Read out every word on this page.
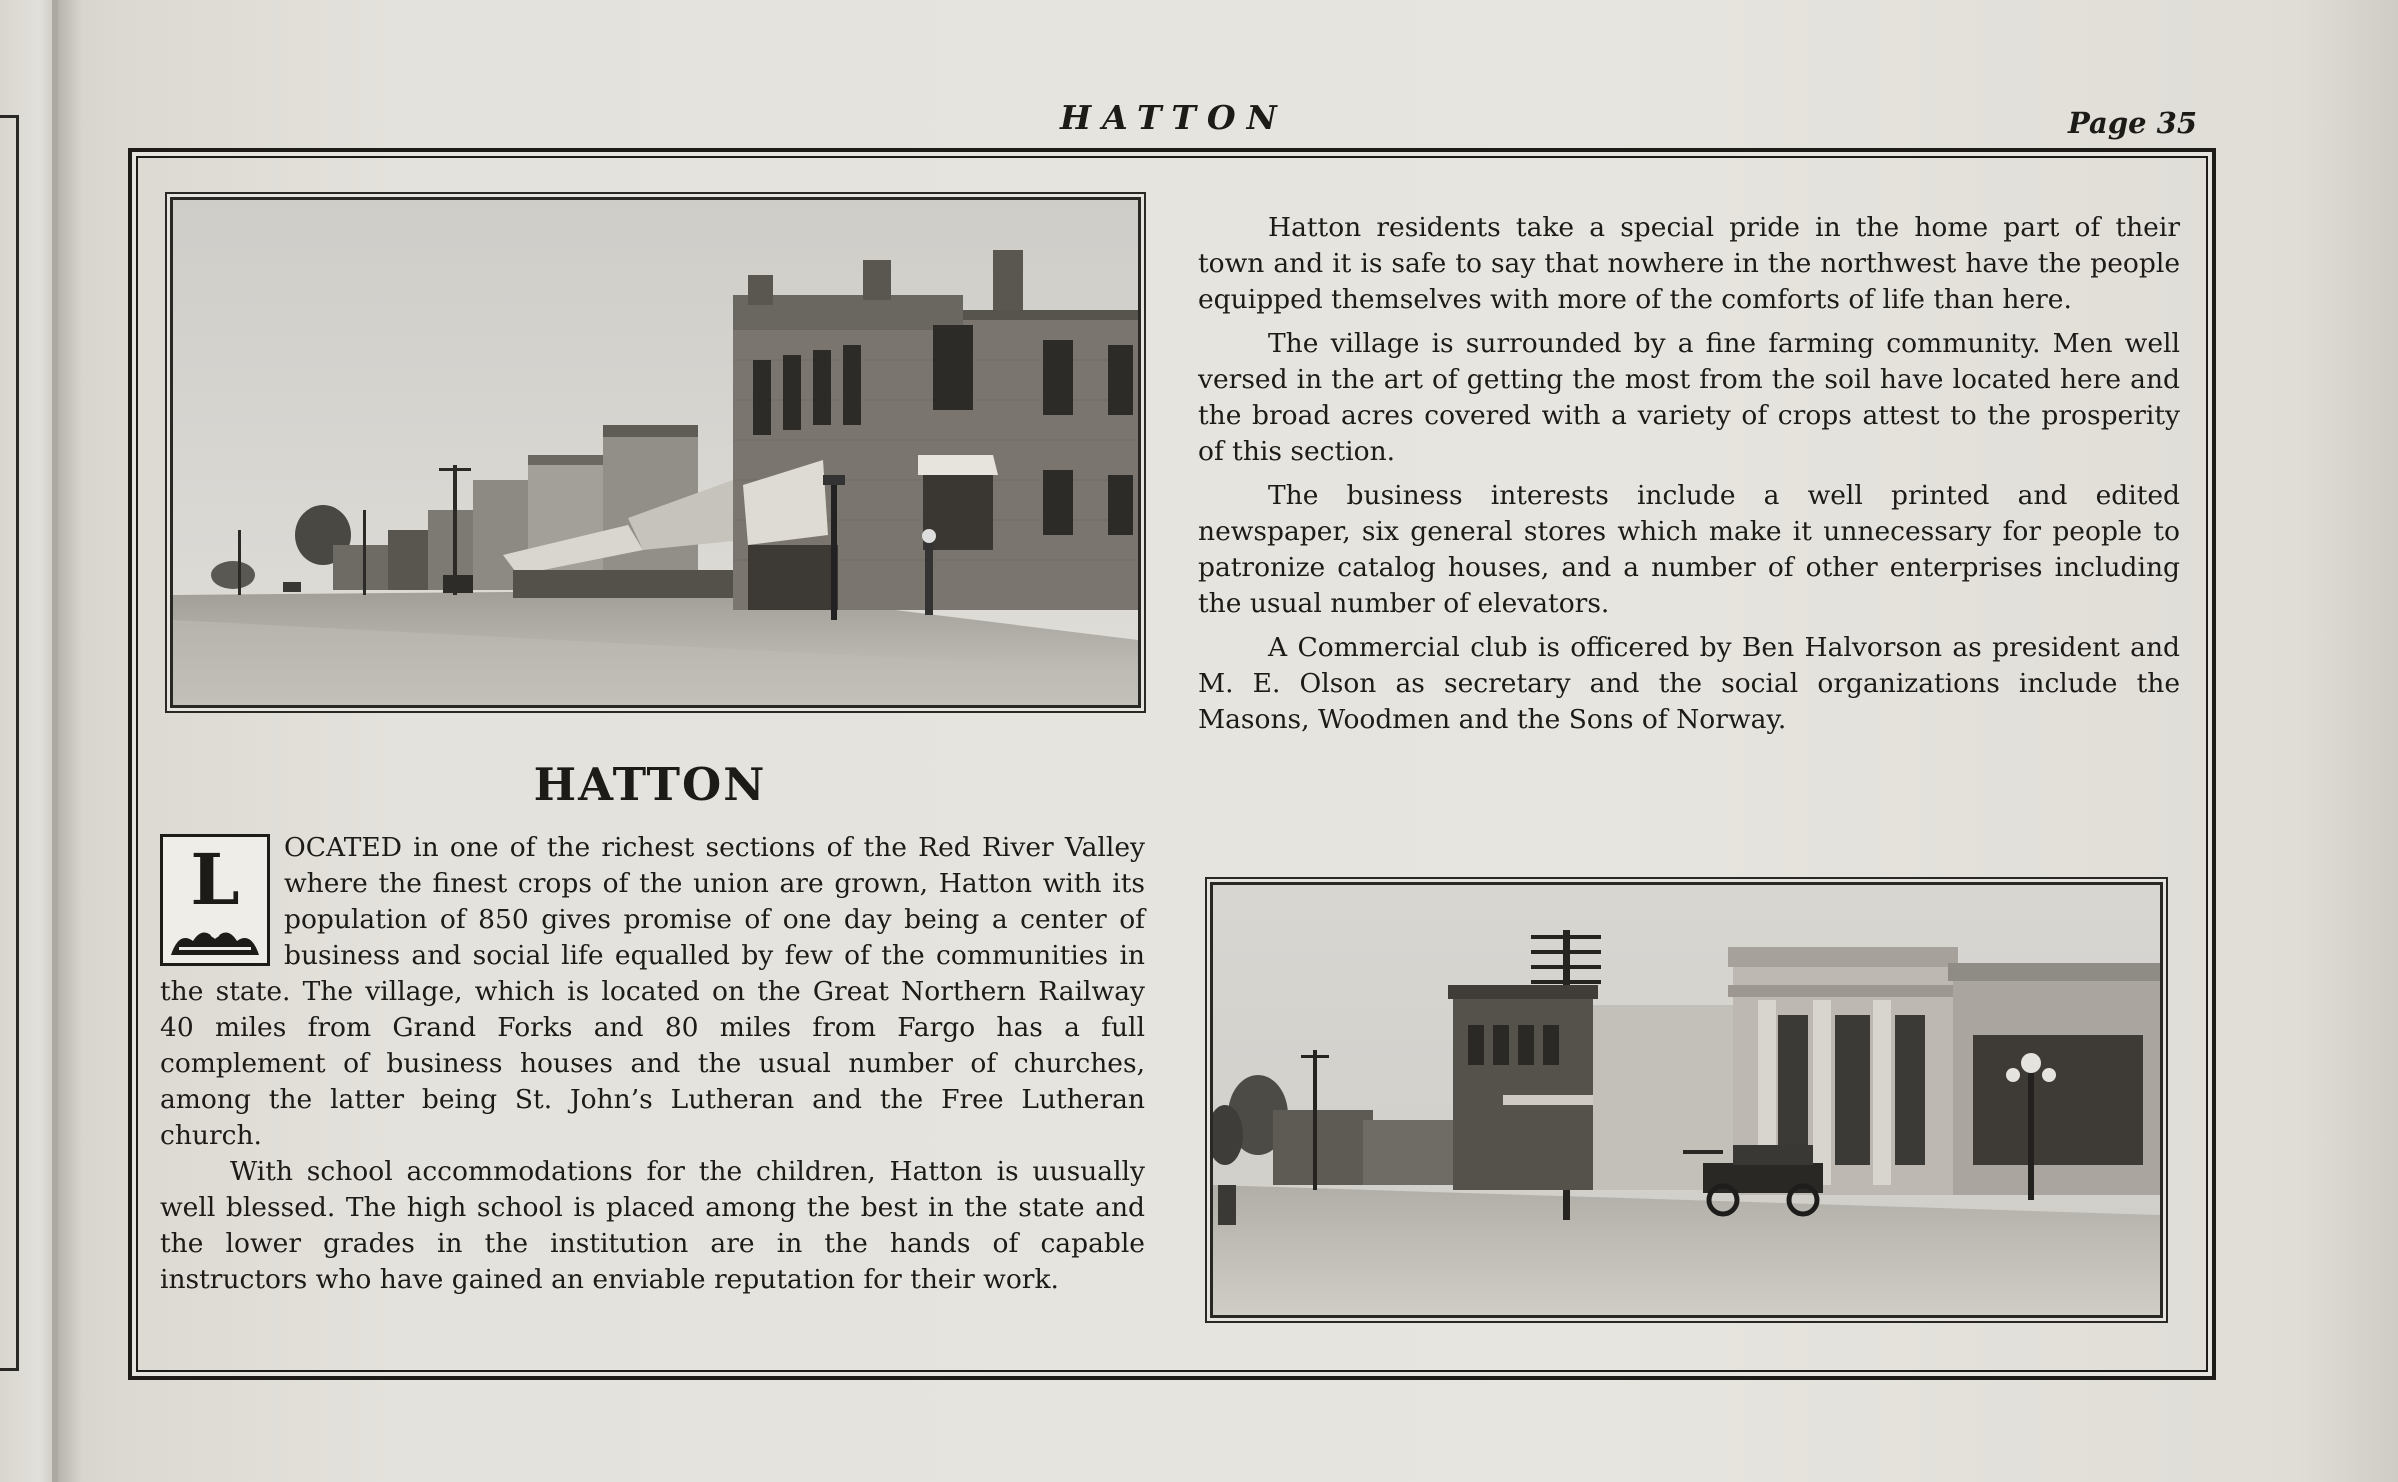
HATTON	Page 35

Hatton residents take a special pride in the home part of their town and it is safe to say that nowhere in the northwest have the people equipped themselves with more of the comforts of life than here.

The village is surrounded by a fine farming community. Men well versed in the art of getting the most from the soil have located here and the broad acres covered with a variety of crops attest to the prosperity of this section.

The business interests include a well printed and edited newspaper, six general stores which make it unnecessary for people to patronize catalog houses, and a number of other enterprises including the usual number of elevators.

A Commercial club is officered by Ben Halvorson as president and M. E. Olson as secretary and the social organizations include the Masons, Woodmen and the Sons of Norway.

HATTON
L	OCATED in one of the richest sections of the Red River Valley where the finest crops of the union are grown, Hatton with its population of 850 gives promise of one day being a center of business and social life equalled by few of the communities in the state. The village, which is located on the Great Northern Railway 40 miles from Grand Forks and 80 miles from Fargo has a full complement of business houses and the usual number of churches, among the latter being St. John’s Lutheran and the Free Lutheran church.

With school accommodations for the children, Hatton is uusually well blessed. The high school is placed among the best in the state and the lower grades in the institution are in the hands of capable instructors who have gained an enviable reputation for their work.
